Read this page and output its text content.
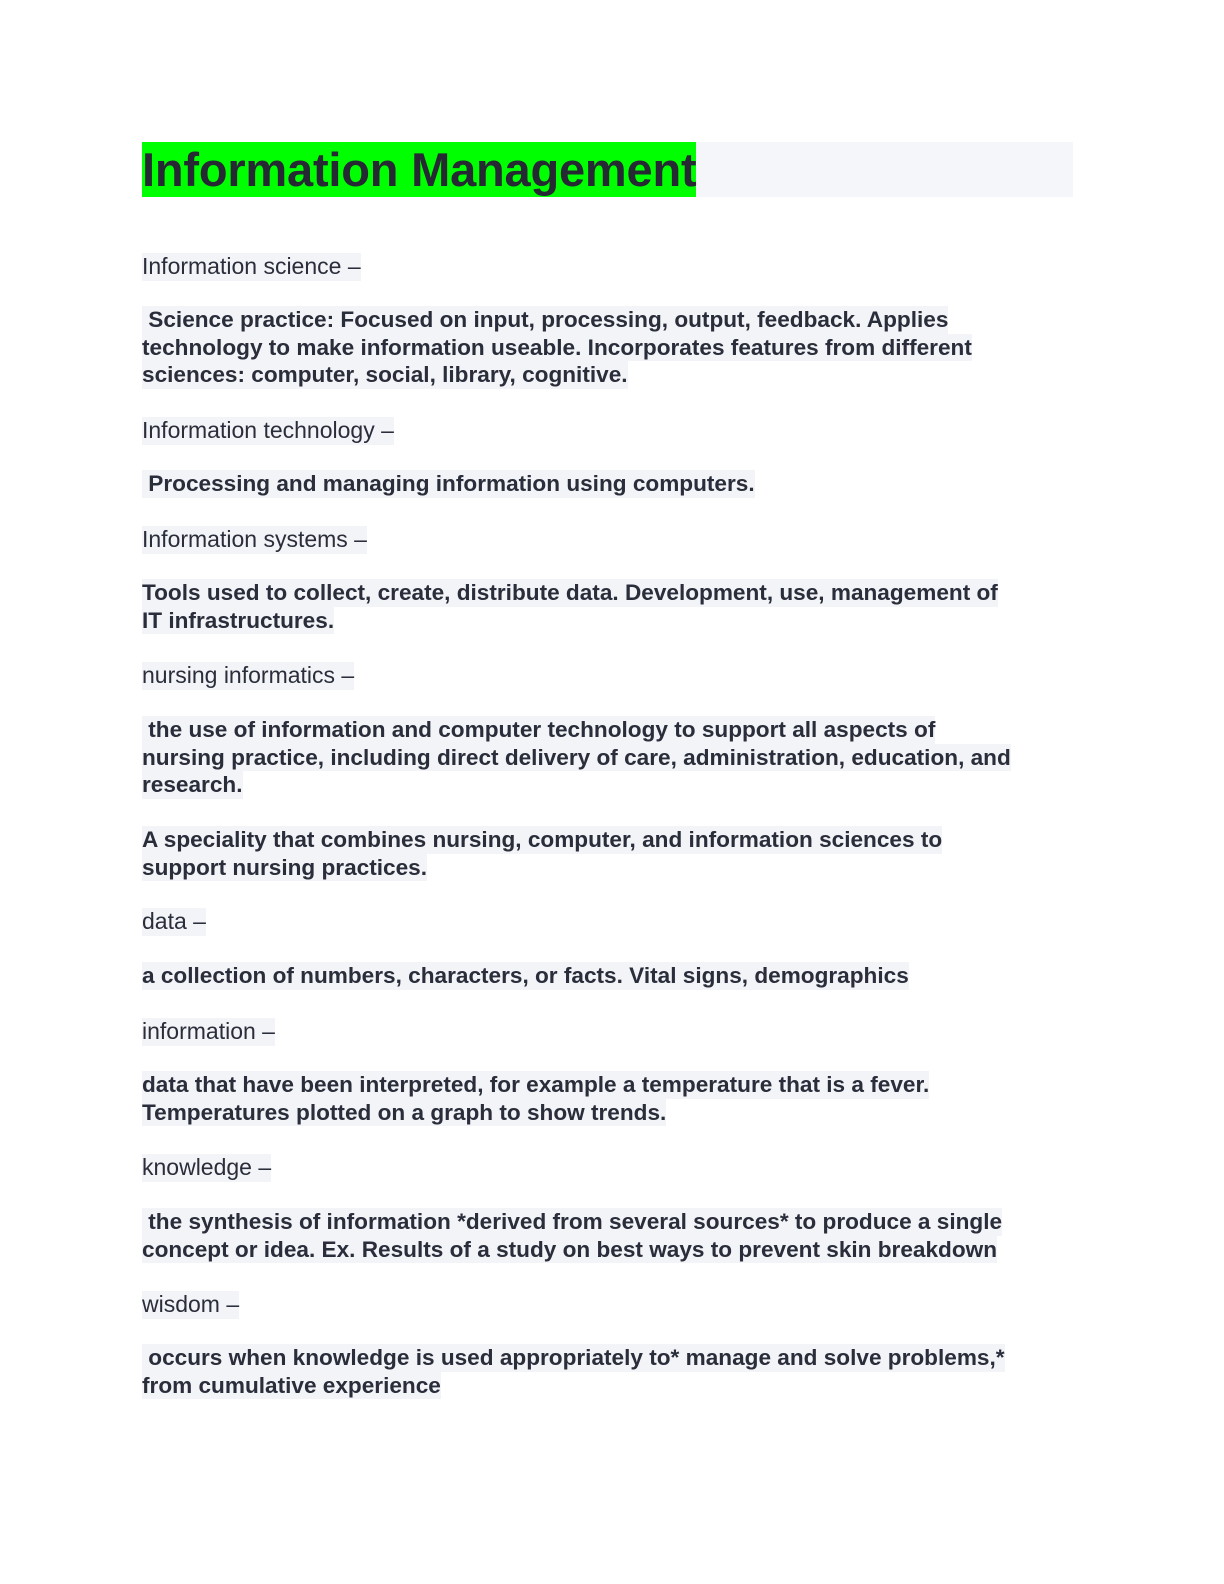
Information Management

Information science –

Science practice: Focused on input, processing, output, feedback. Applies
technology to make information useable. Incorporates features from different
sciences: computer, social, library, cognitive.

Information technology –

Processing and managing information using computers.

Information systems –

Tools used to collect, create, distribute data. Development, use, management of
IT infrastructures.

nursing informatics –

the use of information and computer technology to support all aspects of
nursing practice, including direct delivery of care, administration, education, and
research.

A speciality that combines nursing, computer, and information sciences to
support nursing practices.

data –

a collection of numbers, characters, or facts. Vital signs, demographics

information –

data that have been interpreted, for example a temperature that is a fever.
Temperatures plotted on a graph to show trends.

knowledge –

the synthesis of information *derived from several sources* to produce a single
concept or idea. Ex. Results of a study on best ways to prevent skin breakdown

wisdom –

occurs when knowledge is used appropriately to* manage and solve problems,*
from cumulative experience
